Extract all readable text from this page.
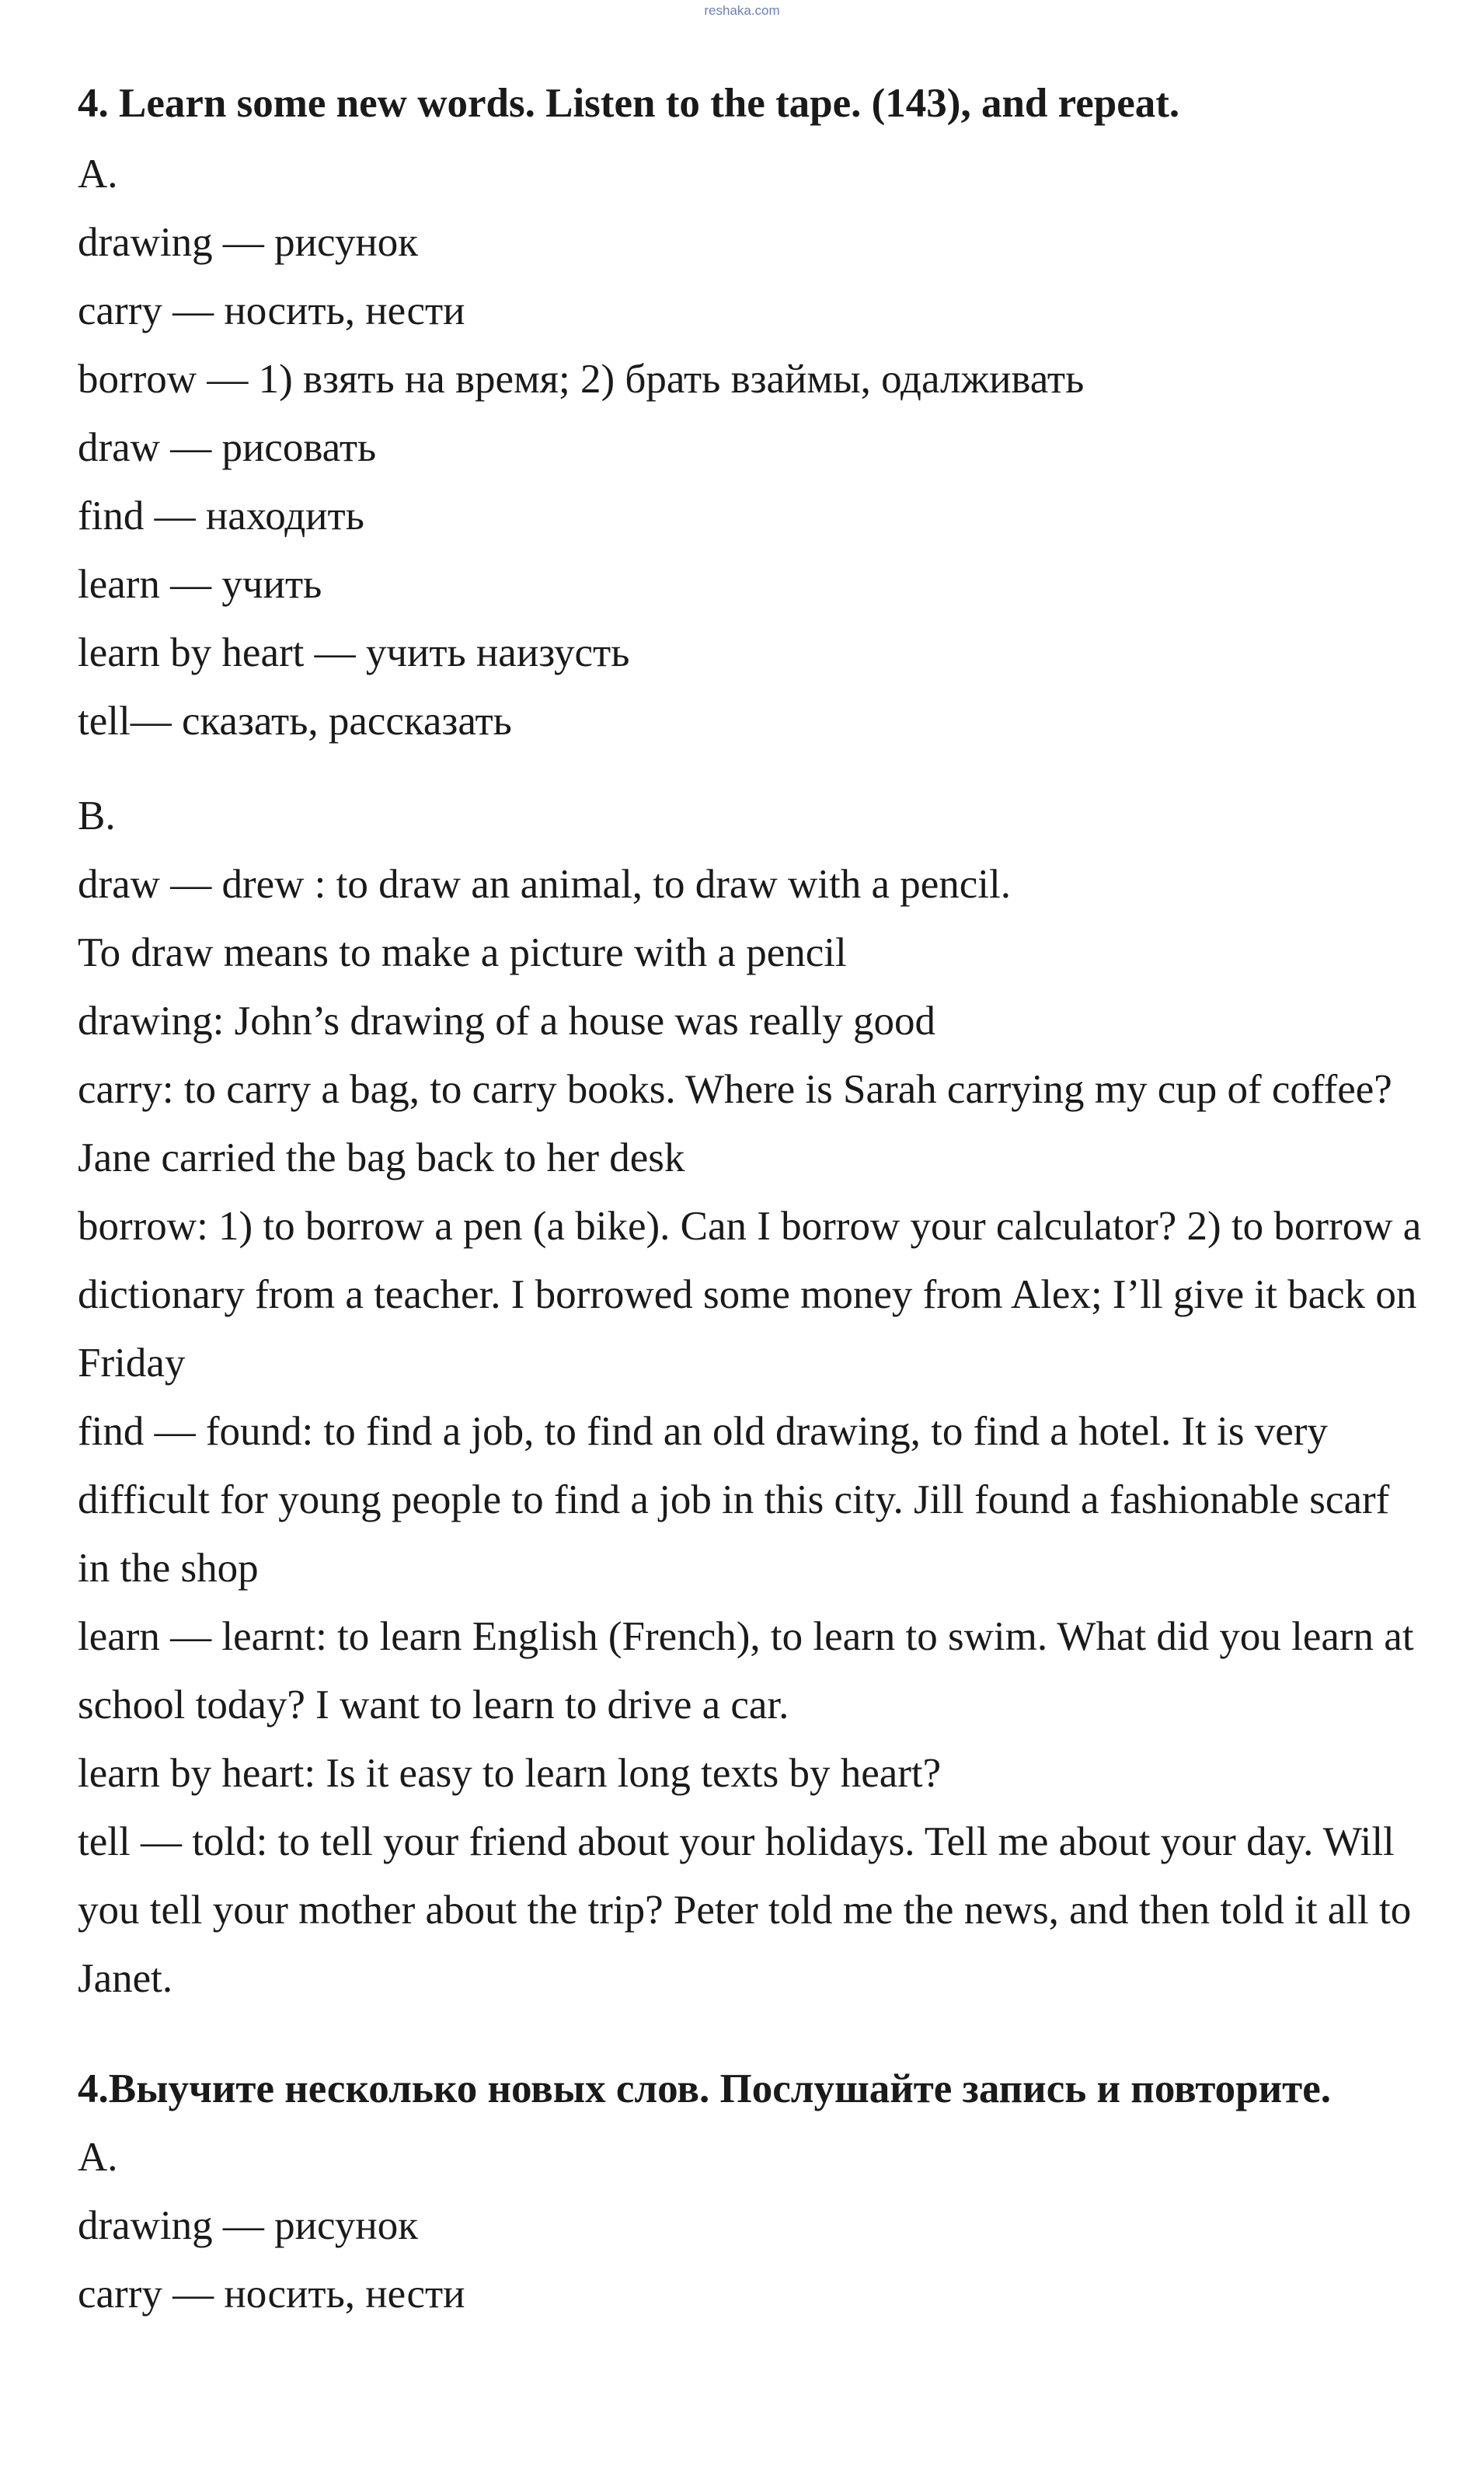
reshaka.com
4. Learn some new words. Listen to the tape. (143), and repeat.
A.
drawing — рисунок
carry — носить, нести
borrow — 1) взять на время; 2) брать взаймы, одалживать
draw — рисовать
find — находить
learn — учить
learn by heart — учить наизусть
tell— сказать, рассказать
B.
draw — drew : to draw an animal, to draw with a pencil.
To draw means to make a picture with a pencil
drawing: John’s drawing of a house was really good
carry: to carry a bag, to carry books. Where is Sarah carrying my cup of coffee? Jane carried the bag back to her desk
borrow: 1) to borrow a pen (a bike). Can I borrow your calculator? 2) to borrow a dictionary from a teacher. I borrowed some money from Alex; I’ll give it back on Friday
find — found: to find a job, to find an old drawing, to find a hotel. It is very difficult for young people to find a job in this city. Jill found a fashionable scarf in the shop
learn — learnt: to learn English (French), to learn to swim. What did you learn at school today? I want to learn to drive a car.
learn by heart: Is it easy to learn long texts by heart?
tell — told: to tell your friend about your holidays. Tell me about your day. Will you tell your mother about the trip? Peter told me the news, and then told it all to Janet.
4.Выучите несколько новых слов. Послушайте запись и повторите.
A.
drawing — рисунок
carry — носить, нести
